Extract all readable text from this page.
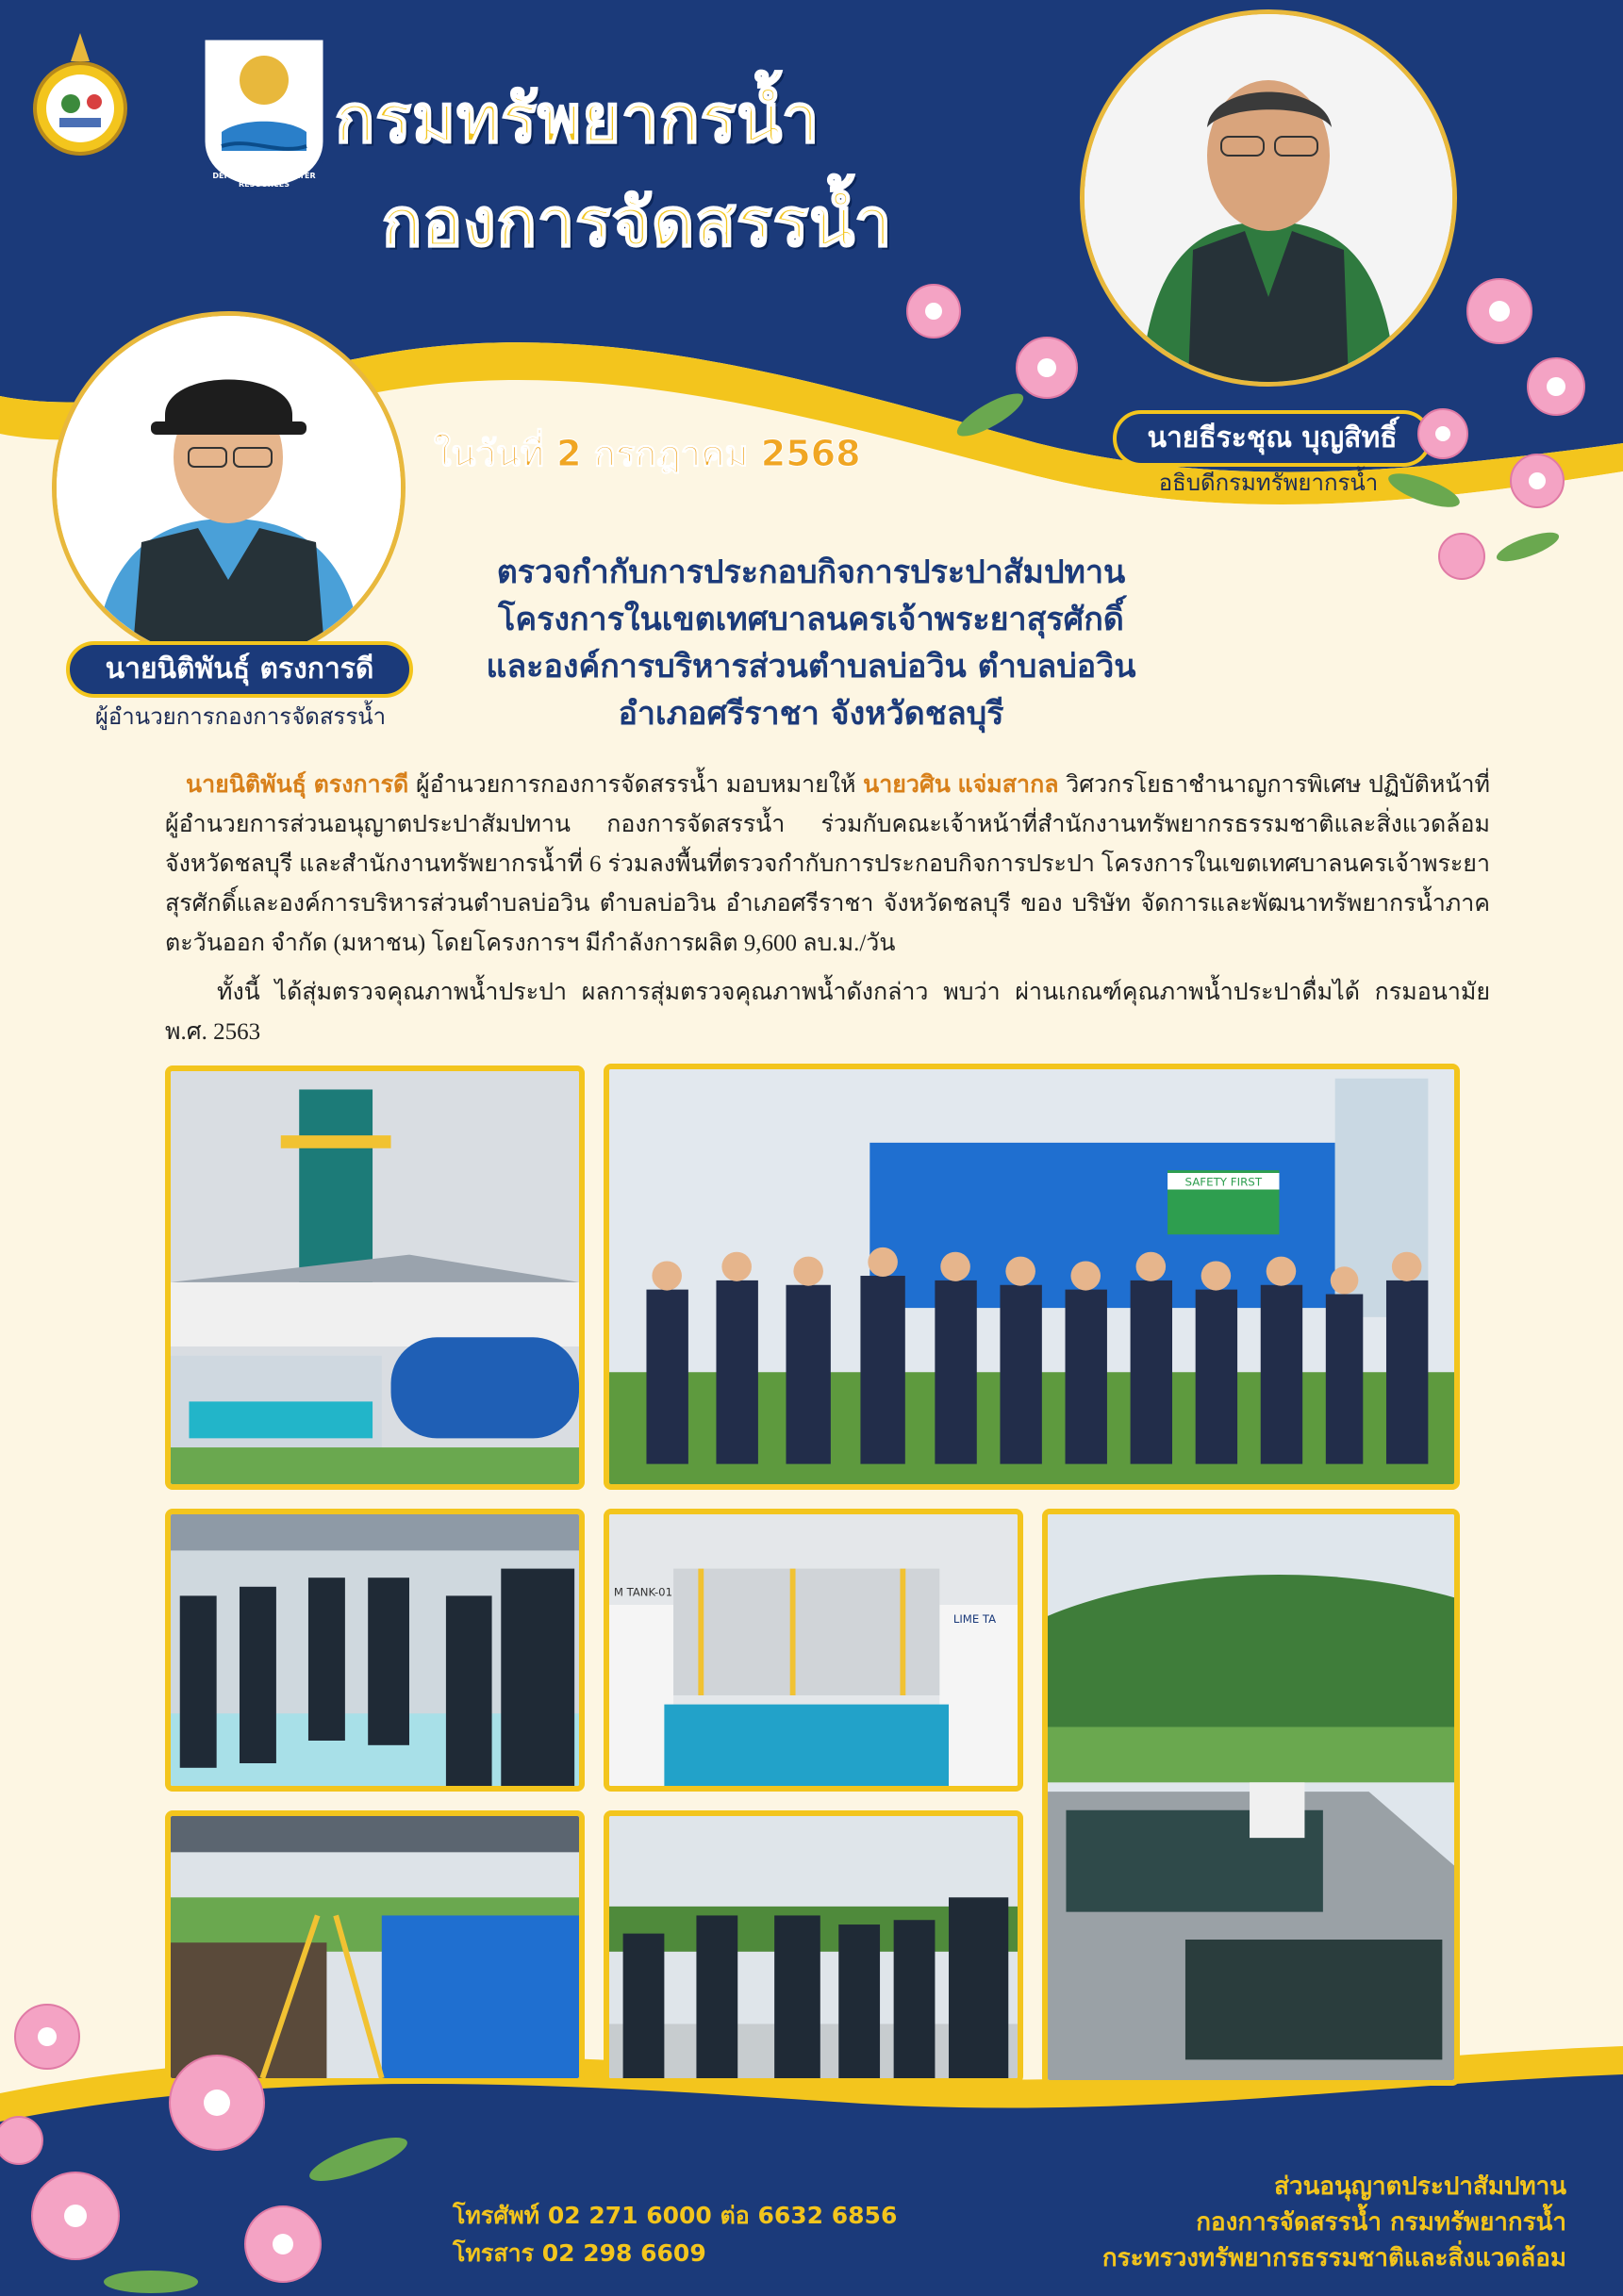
DEPARTMENT OF WATER RESOURCES
กรมทรัพยากรน้ำ
กองการจัดสรรน้ำ
นายธีระชุณ บุญสิทธิ์
อธิบดีกรมทรัพยากรน้ำ
นายนิติพันธุ์ ตรงการดี
ผู้อำนวยการกองการจัดสรรน้ำ
ในวันที่ 2 กรกฎาคม 2568
ตรวจกำกับการประกอบกิจการประปาสัมปทาน
โครงการในเขตเทศบาลนครเจ้าพระยาสุรศักดิ์
และองค์การบริหารส่วนตำบลบ่อวิน ตำบลบ่อวิน
อำเภอศรีราชา จังหวัดชลบุรี
นายนิติพันธุ์ ตรงการดี ผู้อำนวยการกองการจัดสรรน้ำ มอบหมายให้ นายวศิน แจ่มสากล วิศวกรโยธาชำนาญการพิเศษ ปฏิบัติหน้าที่ผู้อำนวยการส่วนอนุญาตประปาสัมปทาน กองการจัดสรรน้ำ ร่วมกับคณะเจ้าหน้าที่สำนักงานทรัพยากรธรรมชาติและสิ่งแวดล้อมจังหวัดชลบุรี และสำนักงานทรัพยากรน้ำที่ 6 ร่วมลงพื้นที่ตรวจกำกับการประกอบกิจการประปา โครงการในเขตเทศบาลนครเจ้าพระยาสุรศักดิ์และองค์การบริหารส่วนตำบลบ่อวิน ตำบลบ่อวิน อำเภอศรีราชา จังหวัดชลบุรี ของ บริษัท จัดการและพัฒนาทรัพยากรน้ำภาคตะวันออก จำกัด (มหาชน) โดยโครงการฯ มีกำลังการผลิต 9,600 ลบ.ม./วัน
ทั้งนี้ ได้สุ่มตรวจคุณภาพน้ำประปา ผลการสุ่มตรวจคุณภาพน้ำดังกล่าว พบว่า ผ่านเกณฑ์คุณภาพน้ำประปาดื่มได้ กรมอนามัย พ.ศ. 2563
SAFETY FIRST
M TANK-01
LIME TA
โทรศัพท์ 02 271 6000 ต่อ 6632 6856
โทรสาร 02 298 6609
ส่วนอนุญาตประปาสัมปทาน
กองการจัดสรรน้ำ กรมทรัพยากรน้ำ
กระทรวงทรัพยากรธรรมชาติและสิ่งแวดล้อม
